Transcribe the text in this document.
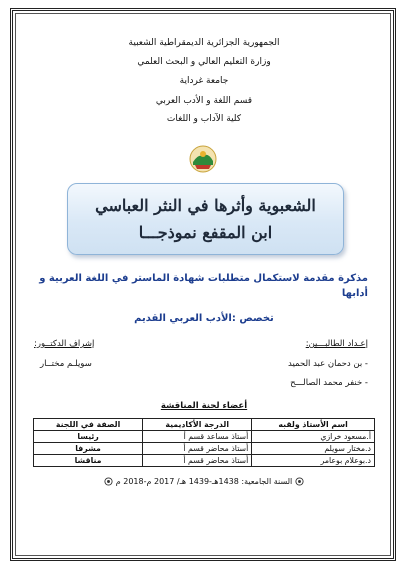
الجمهورية الجزائرية الديمقراطية الشعبية
وزارة التعليم العالي و البحث العلمي
جامعة غرداية
قسم اللغة و الأدب العربي
كلية الآداب و اللغات
الشعبوية وأثرها في النثر العباسي
ابن المقفع نموذجـــا
مذكرة مقدمة لاستكمال متطلبات شهادة الماستر في اللغة العربية و
أدابها
تخصص :الأدب العربي القديم
إعـداد الطالبـــين:
إشراف الدكتــور:
- بن دحمان عبد الحميد
سويلـم مختــار
- خنفر محمد الصالـــح
أعضاء لجنة المناقشة
اسم الأستاذ ولقبه	الدرجة الأكاديمية	الصفة في اللجنة
أ.مسعود خرازي	أستاذ مساعد قسم أ	رئيسا
د.مختار سويلم	أستاذ محاضر قسم أ	مشرفا
د.بوعلام بوعامر	أستاذ محاضر قسم أ	مناقشا
السنة الجامعية: 1438هـ-1439 هـ/ 2017 م-2018 م
